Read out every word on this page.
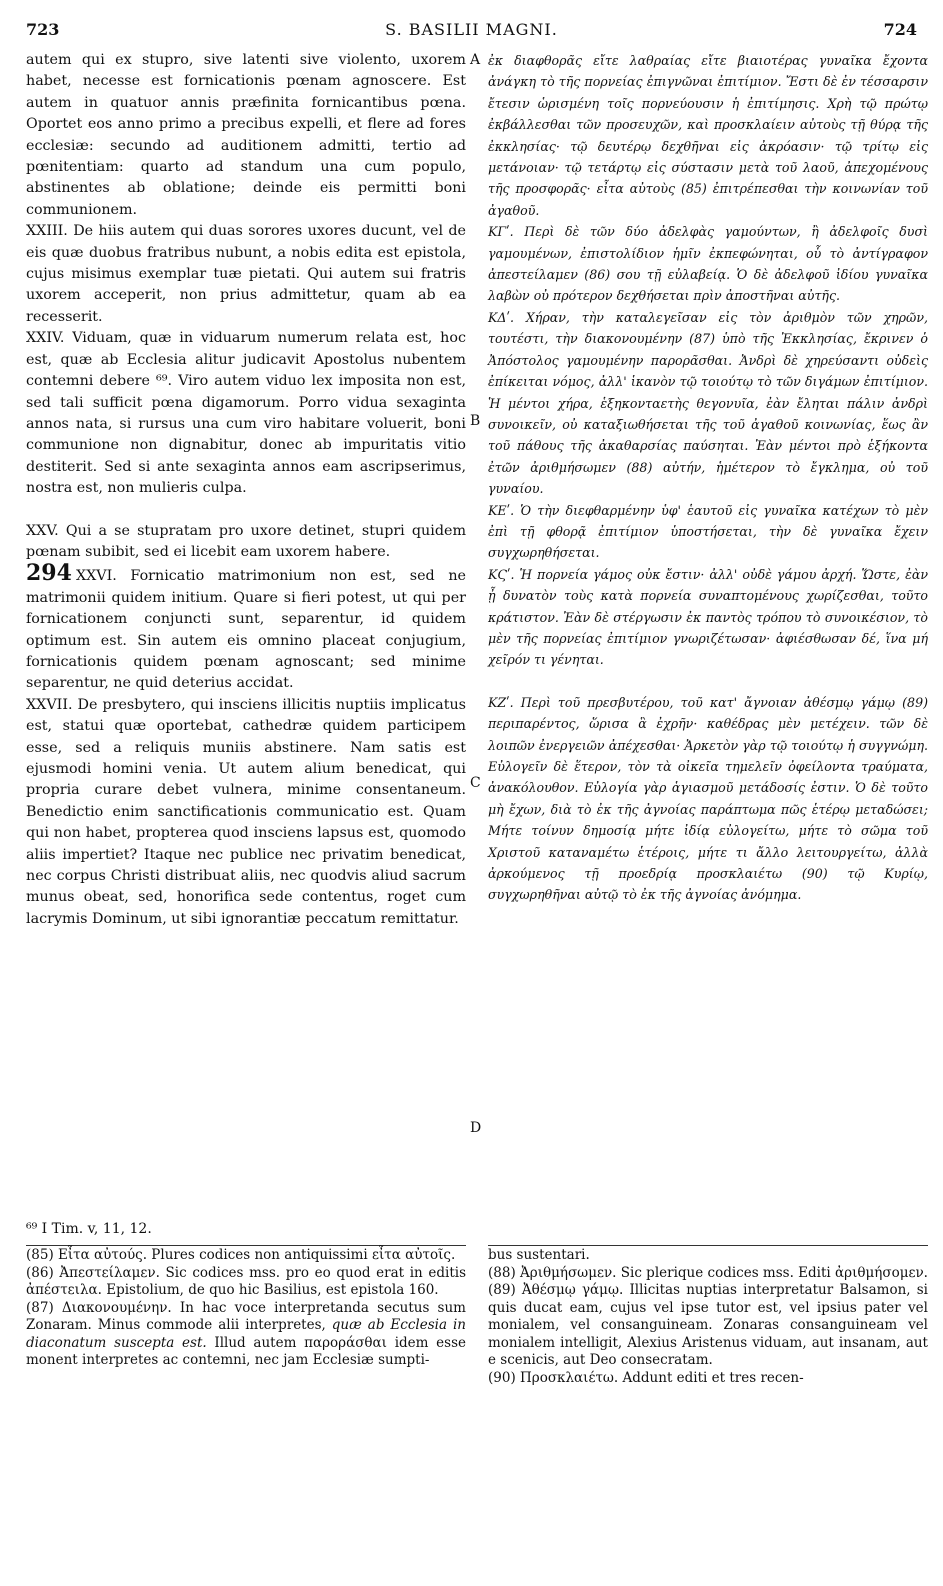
723	S. BASILII MAGNI.	724

autem qui ex stupro, sive latenti sive violento, uxorem habet, necesse est fornicationis pœnam agnoscere. Est autem in quatuor annis præfinita fornicantibus pœna. Oportet eos anno primo a precibus expelli, et flere ad fores ecclesiæ: secundo ad auditionem admitti, tertio ad pœnitentiam: quarto ad standum una cum populo, abstinentes ab oblatione; deinde eis permitti boni communionem.

XXIII. De hiis autem qui duas sorores uxores ducunt, vel de eis quæ duobus fratribus nubunt, a nobis edita est epistola, cujus misimus exemplar tuæ pietati. Qui autem sui fratris uxorem acceperit, non prius admittetur, quam ab ea recesserit.

XXIV. Viduam, quæ in viduarum numerum relata est, hoc est, quæ ab Ecclesia alitur judicavit Apostolus nubentem contemni debere ⁶⁹. Viro autem viduo lex imposita non est, sed tali sufficit pœna digamorum. Porro vidua sexaginta annos nata, si rursus una cum viro habitare voluerit, boni communione non dignabitur, donec ab impuritatis vitio destiterit. Sed si ante sexaginta annos eam ascripserimus, nostra est, non mulieris culpa.

XXV. Qui a se stupratam pro uxore detinet, stupri quidem pœnam subibit, sed ei licebit eam uxorem habere.

294 XXVI. Fornicatio matrimonium non est, sed ne matrimonii quidem initium. Quare si fieri potest, ut qui per fornicationem conjuncti sunt, separentur, id quidem optimum est. Sin autem eis omnino placeat conjugium, fornicationis quidem pœnam agnoscant; sed minime separentur, ne quid deterius accidat.

XXVII. De presbytero, qui insciens illicitis nuptiis implicatus est, statui quæ oportebat, cathedræ quidem participem esse, sed a reliquis muniis abstinere. Nam satis est ejusmodi homini venia. Ut autem alium benedicat, qui propria curare debet vulnera, minime consentaneum. Benedictio enim sanctificationis communicatio est. Quam qui non habet, propterea quod insciens lapsus est, quomodo aliis impertiet? Itaque nec publice nec privatim benedicat, nec corpus Christi distribuat aliis, nec quodvis aliud sacrum munus obeat, sed, honorifica sede contentus, roget cum lacrymis Dominum, ut sibi ignorantiæ peccatum remittatur.

ἐκ διαφθορᾶς εἴτε λαθραίας εἴτε βιαιοτέρας γυναῖκα ἔχοντα ἀνάγκη τὸ τῆς πορνείας ἐπιγνῶναι ἐπιτίμιον. Ἔστι δὲ ἐν τέσσαρσιν ἔτεσιν ὡρισμένη τοῖς πορνεύουσιν ἡ ἐπιτίμησις. Χρὴ τῷ πρώτῳ ἐκβάλλεσθαι τῶν προσευχῶν, καὶ προσκλαίειν αὐτοὺς τῇ θύρᾳ τῆς ἐκκλησίας· τῷ δευτέρῳ δεχθῆναι εἰς ἀκρόασιν· τῷ τρίτῳ εἰς μετάνοιαν· τῷ τετάρτῳ εἰς σύστασιν μετὰ τοῦ λαοῦ, ἀπεχομένους τῆς προσφορᾶς· εἶτα αὐτοὺς (85) ἐπιτρέπεσθαι τὴν κοινωνίαν τοῦ ἀγαθοῦ.

ΚΓʹ. Περὶ δὲ τῶν δύο ἀδελφὰς γαμούντων, ἢ ἀδελφοῖς δυσὶ γαμουμένων, ἐπιστολίδιον ἡμῖν ἐκπεφώνηται, οὗ τὸ ἀντίγραφον ἀπεστείλαμεν (86) σου τῇ εὐλαβείᾳ. Ὁ δὲ ἀδελφοῦ ἰδίου γυναῖκα λαβὼν οὐ πρότερον δεχθήσεται πρὶν ἀποστῆναι αὐτῆς.

ΚΔʹ. Χήραν, τὴν καταλεγεῖσαν εἰς τὸν ἀριθμὸν τῶν χηρῶν, τουτέστι, τὴν διακονουμένην (87) ὑπὸ τῆς Ἐκκλησίας, ἔκρινεν ὁ Ἀπόστολος γαμουμένην παρορᾶσθαι. Ἀνδρὶ δὲ χηρεύσαντι οὐδεὶς ἐπίκειται νόμος, ἀλλ' ἱκανὸν τῷ τοιούτῳ τὸ τῶν διγάμων ἐπιτίμιον. Ἡ μέντοι χήρα, ἑξηκονταετὴς θεγονυῖα, ἐὰν ἔληται πάλιν ἀνδρὶ συνοικεῖν, οὐ καταξιωθήσεται τῆς τοῦ ἀγαθοῦ κοινωνίας, ἕως ἂν τοῦ πάθους τῆς ἀκαθαρσίας παύσηται. Ἐὰν μέντοι πρὸ ἑξήκοντα ἐτῶν ἀριθμήσωμεν (88) αὐτήν, ἡμέτερον τὸ ἔγκλημα, οὐ τοῦ γυναίου.

ΚΕʹ. Ὁ τὴν διεφθαρμένην ὑφ' ἑαυτοῦ εἰς γυναῖκα κατέχων τὸ μὲν ἐπὶ τῇ φθορᾷ ἐπιτίμιον ὑποστήσεται, τὴν δὲ γυναῖκα ἔχειν συγχωρηθήσεται.

ΚϚʹ. Ἡ πορνεία γάμος οὐκ ἔστιν· ἀλλ' οὐδὲ γάμου ἀρχή. Ὥστε, ἐὰν ᾖ δυνατὸν τοὺς κατὰ πορνεία συναπτομένους χωρίζεσθαι, τοῦτο κράτιστον. Ἐὰν δὲ στέργωσιν ἐκ παντὸς τρόπου τὸ συνοικέσιον, τὸ μὲν τῆς πορνείας ἐπιτίμιον γνωριζέτωσαν· ἀφιέσθωσαν δέ, ἵνα μή χεῖρόν τι γένηται.

ΚΖʹ. Περὶ τοῦ πρεσβυτέρου, τοῦ κατ' ἄγνοιαν ἀθέσμῳ γάμῳ (89) περιπαρέντος, ὥρισα ἃ ἐχρῆν· καθέδρας μὲν μετέχειν. τῶν δὲ λοιπῶν ἐνεργειῶν ἀπέχεσθαι· Ἀρκετὸν γὰρ τῷ τοιούτῳ ἡ συγγνώμη. Εὐλογεῖν δὲ ἕτερον, τὸν τὰ οἰκεῖα τημελεῖν ὀφείλοντα τραύματα, ἀνακόλουθον. Εὐλογία γὰρ ἁγιασμοῦ μετάδοσίς ἐστιν. Ὁ δὲ τοῦτο μὴ ἔχων, διὰ τὸ ἐκ τῆς ἀγνοίας παράπτωμα πῶς ἑτέρῳ μεταδώσει; Μήτε τοίνυν δημοσίᾳ μήτε ἰδίᾳ εὐλογείτω, μήτε τὸ σῶμα τοῦ Χριστοῦ καταναμέτω ἑτέροις, μήτε τι ἄλλο λειτουργείτω, ἀλλὰ ἀρκούμενος τῇ προεδρίᾳ προσκλαιέτω (90) τῷ Κυρίῳ, συγχωρηθῆναι αὐτῷ τὸ ἐκ τῆς ἀγνοίας ἀνόμημα.

A
B
C
D
⁶⁹ I Tim. v, 11, 12.

(85) Εἶτα αὐτούς. Plures codices non antiquissimi εἶτα αὐτοῖς.

(86) Ἀπεστείλαμεν. Sic codices mss. pro eo quod erat in editis ἀπέστειλα. Epistolium, de quo hic Basilius, est epistola 160.

(87) Διακονουμένην. In hac voce interpretanda secutus sum Zonaram. Minus commode alii interpretes, quæ ab Ecclesia in diaconatum suscepta est. Illud autem παροράσθαι idem esse monent interpretes ac contemni, nec jam Ecclesiæ sumpti-

bus sustentari.

(88) Ἀριθμήσωμεν. Sic plerique codices mss. Editi ἀριθμήσομεν.

(89) Ἀθέσμῳ γάμῳ. Illicitas nuptias interpretatur Balsamon, si quis ducat eam, cujus vel ipse tutor est, vel ipsius pater vel monialem, vel consanguineam. Zonaras consanguineam vel monialem intelligit, Alexius Aristenus viduam, aut insanam, aut e scenicis, aut Deo consecratam.

(90) Προσκλαιέτω. Addunt editi et tres recen-
